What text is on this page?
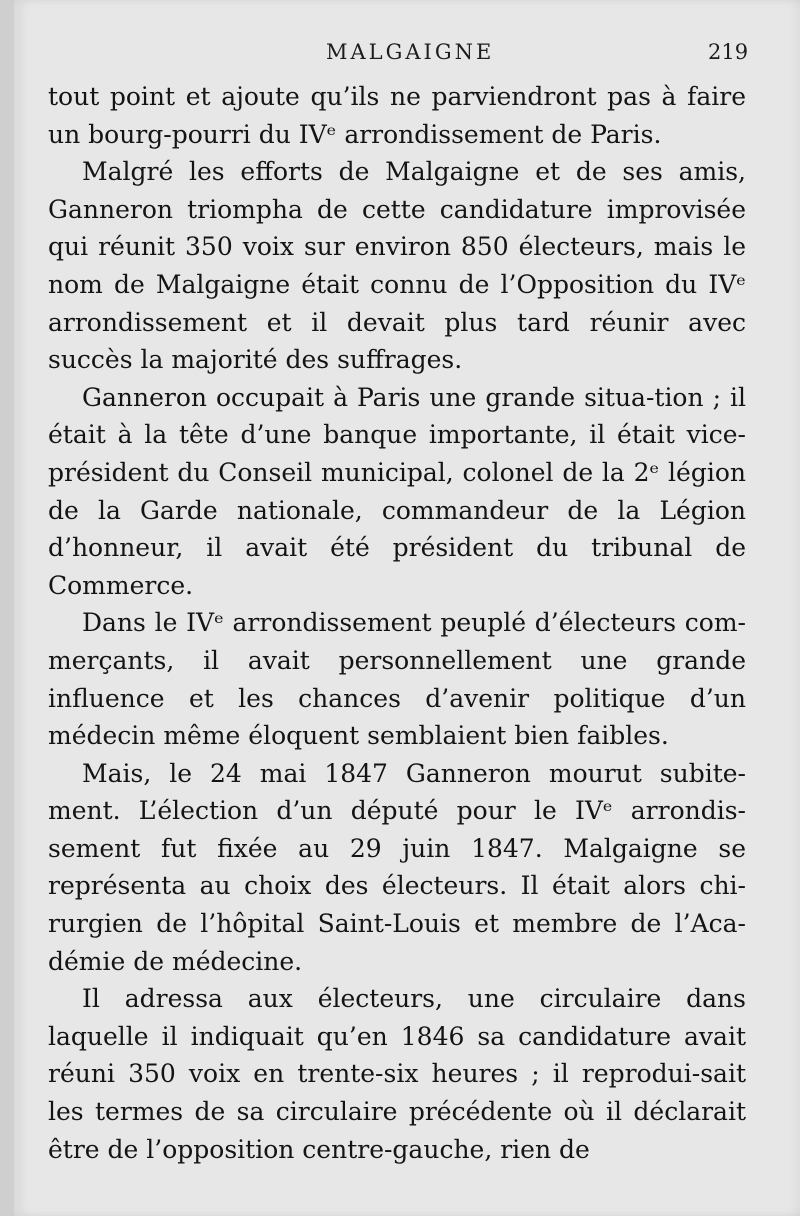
MALGAIGNE	219

tout point et ajoute qu’ils ne parviendront pas à faire un bourg-pourri du IVᵉ arrondissement de Paris.

Malgré les efforts de Malgaigne et de ses amis, Ganneron triompha de cette candidature improvisée qui réunit 350 voix sur environ 850 électeurs, mais le nom de Malgaigne était connu de l’Opposition du IVᵉ arrondissement et il devait plus tard réunir avec succès la majorité des suffrages.

Ganneron occupait à Paris une grande situa-tion ; il était à la tête d’une banque importante, il était vice-président du Conseil municipal, colonel de la 2ᵉ légion de la Garde nationale, commandeur de la Légion d’honneur, il avait été président du tribunal de Commerce.

Dans le IVᵉ arrondissement peuplé d’électeurs com-merçants, il avait personnellement une grande influence et les chances d’avenir politique d’un médecin même éloquent semblaient bien faibles.

Mais, le 24 mai 1847 Ganneron mourut subite-ment. L’élection d’un député pour le IVᵉ arrondis-sement fut fixée au 29 juin 1847. Malgaigne se représenta au choix des électeurs. Il était alors chi-rurgien de l’hôpital Saint-Louis et membre de l’Aca-démie de médecine.

Il adressa aux électeurs, une circulaire dans laquelle il indiquait qu’en 1846 sa candidature avait réuni 350 voix en trente-six heures ; il reprodui-sait les termes de sa circulaire précédente où il déclarait être de l’opposition centre-gauche, rien de
